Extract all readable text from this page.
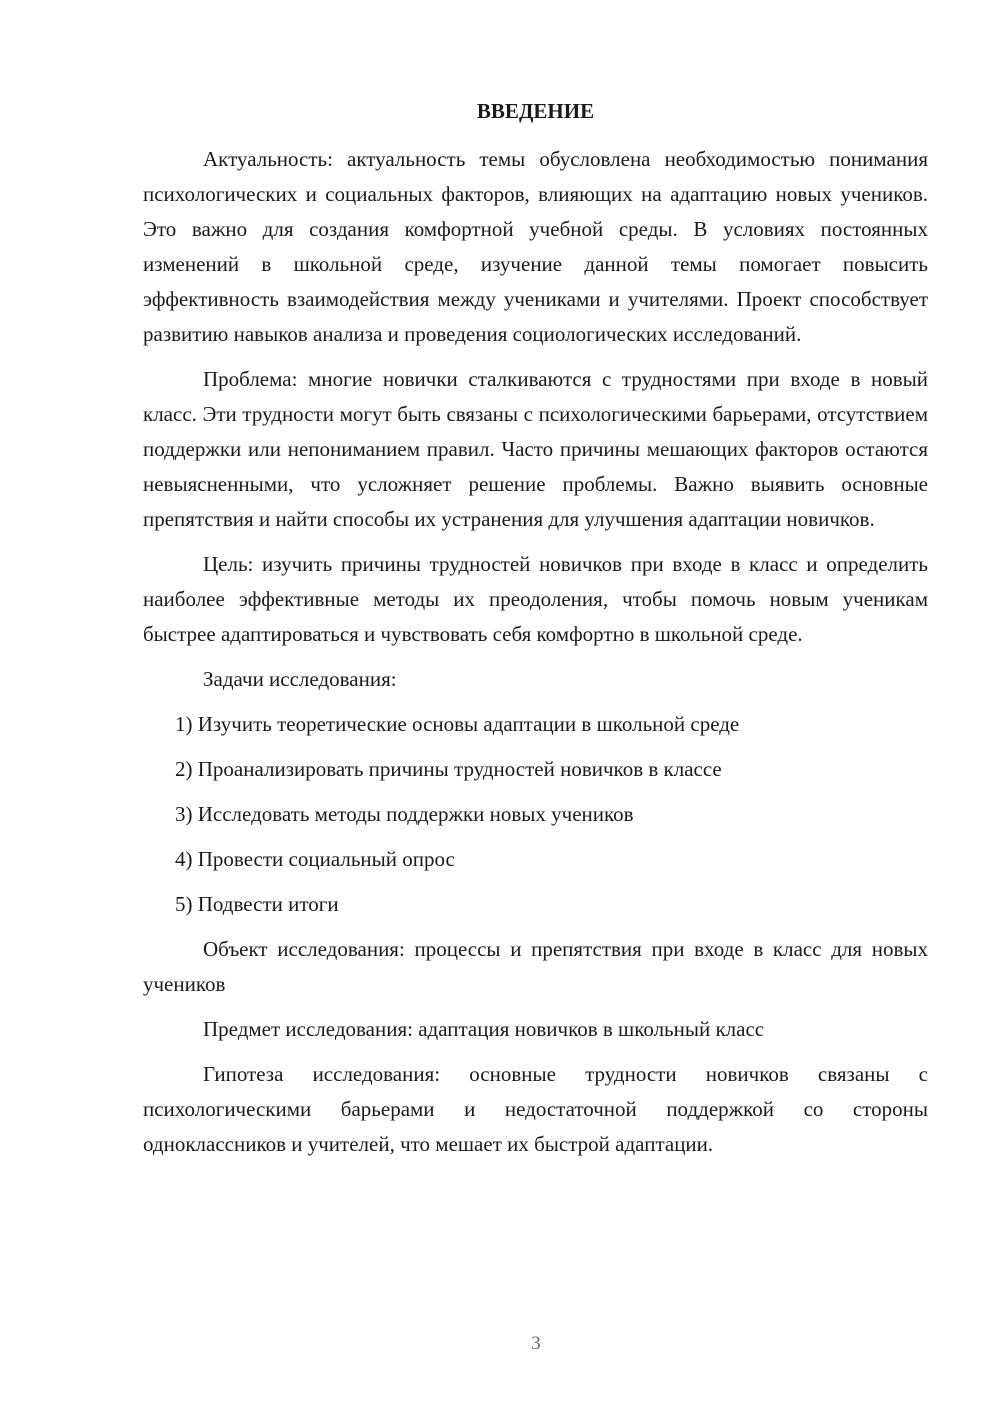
ВВЕДЕНИЕ

Актуальность: актуальность темы обусловлена необходимостью понимания психологических и социальных факторов, влияющих на адаптацию новых учеников. Это важно для создания комфортной учебной среды. В условиях постоянных изменений в школьной среде, изучение данной темы помогает повысить эффективность взаимодействия между учениками и учителями. Проект способствует развитию навыков анализа и проведения социологических исследований.

Проблема: многие новички сталкиваются с трудностями при входе в новый класс. Эти трудности могут быть связаны с психологическими барьерами, отсутствием поддержки или непониманием правил. Часто причины мешающих факторов остаются невыясненными, что усложняет решение проблемы. Важно выявить основные препятствия и найти способы их устранения для улучшения адаптации новичков.

Цель: изучить причины трудностей новичков при входе в класс и определить наиболее эффективные методы их преодоления, чтобы помочь новым ученикам быстрее адаптироваться и чувствовать себя комфортно в школьной среде.

Задачи исследования:

1) Изучить теоретические основы адаптации в школьной среде
2) Проанализировать причины трудностей новичков в классе
3) Исследовать методы поддержки новых учеников
4) Провести социальный опрос
5) Подвести итоги

Объект исследования: процессы и препятствия при входе в класс для новых учеников

Предмет исследования: адаптация новичков в школьный класс

Гипотеза исследования: основные трудности новичков связаны с психологическими барьерами и недостаточной поддержкой со стороны одноклассников и учителей, что мешает их быстрой адаптации.

3
